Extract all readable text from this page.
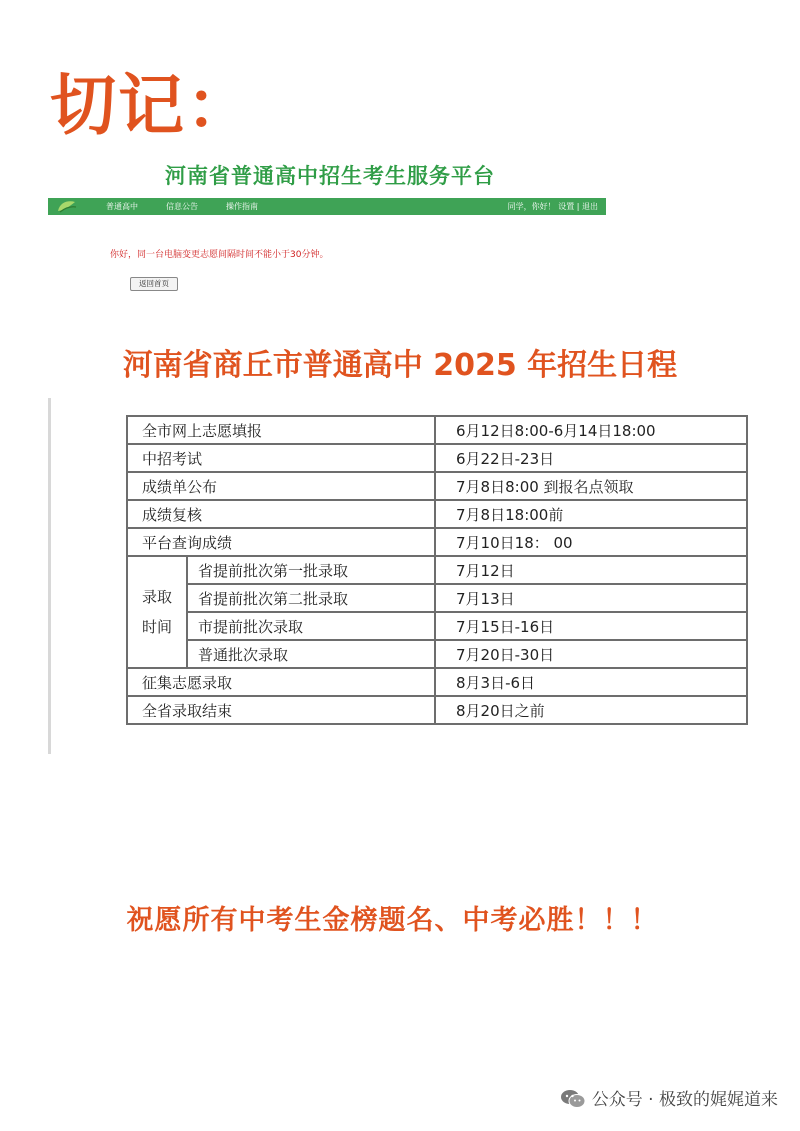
切记：
河南省普通高中招生考生服务平台
普通高中	信息公告	操作指南	同学，你好！ 设置 | 退出
你好，同一台电脑变更志愿间隔时间不能小于30分钟。
返回首页
河南省商丘市普通高中 2025 年招生日程
全市网上志愿填报		6月12日8:00-6月14日18:00
中招考试		6月22日-23日
成绩单公布		7月8日8:00 到报名点领取
成绩复核		7月8日18:00前
平台查询成绩		7月10日18： 00

录取
时间	省提前批次第一批录取	7月12日
	省提前批次第二批录取	7月13日
	市提前批次录取	7月15日-16日
	普通批次录取	7月20日-30日
征集志愿录取		8月3日-6日
全省录取结束		8月20日之前
祝愿所有中考生金榜题名、中考必胜！！！
公众号 · 极致的娓娓道来
